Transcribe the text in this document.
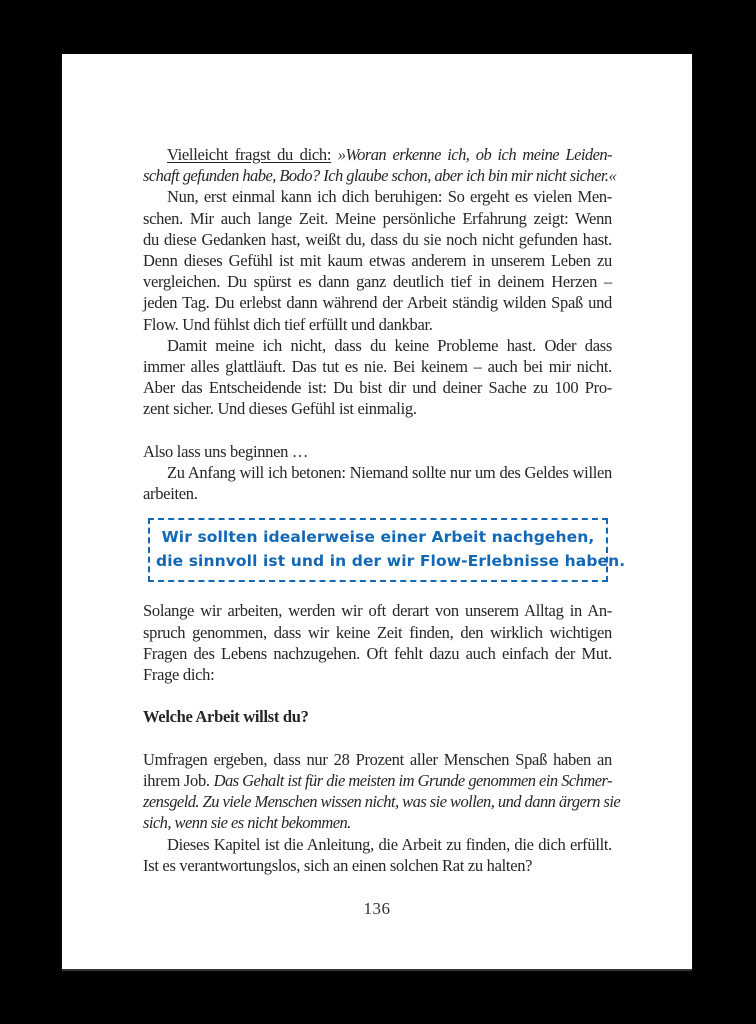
Vielleicht fragst du dich: »Woran erkenne ich, ob ich meine Leiden-
schaft gefunden habe, Bodo? Ich glaube schon, aber ich bin mir nicht sicher.«
Nun, erst einmal kann ich dich beruhigen: So ergeht es vielen Men-
schen. Mir auch lange Zeit. Meine persönliche Erfahrung zeigt: Wenn
du diese Gedanken hast, weißt du, dass du sie noch nicht gefunden hast.
Denn dieses Gefühl ist mit kaum etwas anderem in unserem Leben zu
vergleichen. Du spürst es dann ganz deutlich tief in deinem Herzen –
jeden Tag. Du erlebst dann während der Arbeit ständig wilden Spaß und
Flow. Und fühlst dich tief erfüllt und dankbar.
Damit meine ich nicht, dass du keine Probleme hast. Oder dass
immer alles glattläuft. Das tut es nie. Bei keinem – auch bei mir nicht.
Aber das Entscheidende ist: Du bist dir und deiner Sache zu 100 Pro-
zent sicher. Und dieses Gefühl ist einmalig.
Also lass uns beginnen …
Zu Anfang will ich betonen: Niemand sollte nur um des Geldes willen
arbeiten.
Wir sollten idealerweise einer Arbeit nachgehen,
die sinnvoll ist und in der wir Flow-Erlebnisse haben.
Solange wir arbeiten, werden wir oft derart von unserem Alltag in An-
spruch genommen, dass wir keine Zeit finden, den wirklich wichtigen
Fragen des Lebens nachzugehen. Oft fehlt dazu auch einfach der Mut.
Frage dich:
Welche Arbeit willst du?
Umfragen ergeben, dass nur 28 Prozent aller Menschen Spaß haben an
ihrem Job. Das Gehalt ist für die meisten im Grunde genommen ein Schmer-
zensgeld. Zu viele Menschen wissen nicht, was sie wollen, und dann ärgern sie
sich, wenn sie es nicht bekommen.
Dieses Kapitel ist die Anleitung, die Arbeit zu finden, die dich erfüllt.
Ist es verantwortungslos, sich an einen solchen Rat zu halten?
136
